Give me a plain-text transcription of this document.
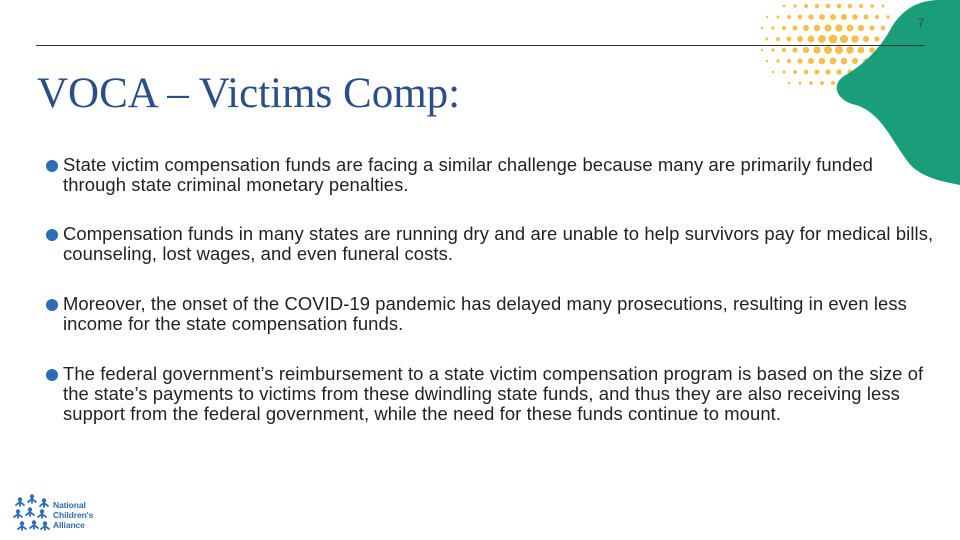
7
VOCA – Victims Comp:
State victim compensation funds are facing a similar challenge because many are primarily funded through state criminal monetary penalties.
Compensation funds in many states are running dry and are unable to help survivors pay for medical bills, counseling, lost wages, and even funeral costs.
Moreover, the onset of the COVID-19 pandemic has delayed many prosecutions, resulting in even less income for the state compensation funds.
The federal government’s reimbursement to a state victim compensation program is based on the size of the state’s payments to victims from these dwindling state funds, and thus they are also receiving less support from the federal government, while the need for these funds continue to mount.
National
Children's
Alliance
